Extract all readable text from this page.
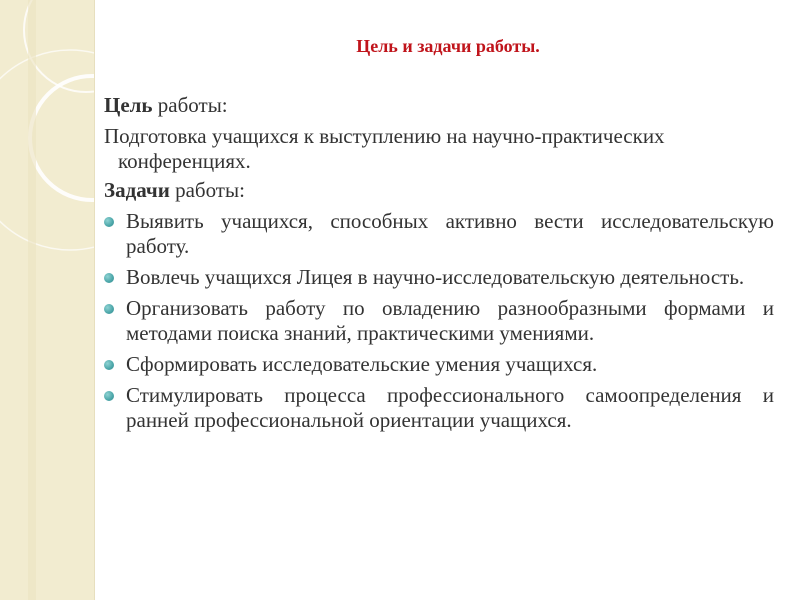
Цель и задачи работы.

Цель работы:

Подготовка учащихся к выступлению на научно-практических конференциях.

Задачи работы:

Выявить учащихся, способных активно вести исследовательскую работу.
Вовлечь учащихся Лицея в научно-исследовательскую деятельность.
Организовать работу по овладению разнообразными формами и методами поиска знаний, практическими умениями.
Сформировать исследовательские умения учащихся.
Стимулировать процесса профессионального самоопределения и ранней профессиональной ориентации учащихся.
